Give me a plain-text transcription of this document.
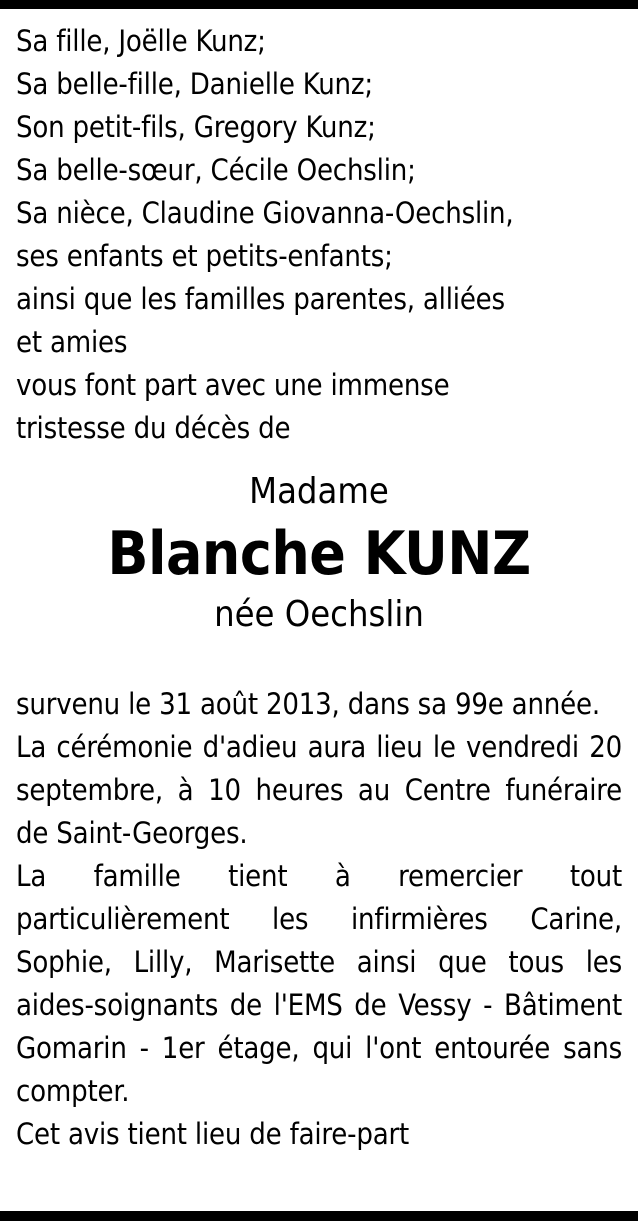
Sa fille, Joëlle Kunz;

Sa belle-fille, Danielle Kunz;

Son petit-fils, Gregory Kunz;

Sa belle-sœur, Cécile Oechslin;

Sa nièce, Claudine Giovanna-Oechslin,

ses enfants et petits-enfants;

ainsi que les familles parentes, alliées

et amies

vous font part avec une immense

tristesse du décès de

Madame
Blanche KUNZ
née Oechslin

survenu le 31 août 2013, dans sa 99e année.

La cérémonie d'adieu aura lieu le vendredi 20 septembre, à 10 heures au Centre funéraire de Saint-Georges.

La famille tient à remercier tout particulièrement les infirmières Carine, Sophie, Lilly, Marisette ainsi que tous les aides-soignants de l'EMS de Vessy - Bâtiment Gomarin - 1er étage, qui l'ont entourée sans compter.

Cet avis tient lieu de faire-part
